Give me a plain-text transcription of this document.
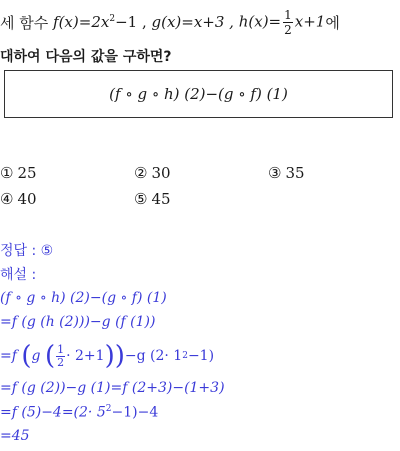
세 함수
$f(x)=2x^2-1$ ,
g(x)=x+3 ,
$h(x)= \frac{1}{2} x+1$ 에
대하여 다음의 값을 구하면?
(f ∘ g ∘ h) (2)−(g ∘ f) (1)
① 25	② 30	③ 35
④ 40	⑤ 45
정답 : ⑤
해설 :
(f ∘ g ∘ h) (2)−(g ∘ f) (1)
=f (g (h (2)))−g (f (1))
=f
( g
( $\frac{1}{2} \cdot 2+1$ ) ) −g (2· 1 2 −1)
=f (g (2))−g (1)=f (2+3)−(1+3)
=f $(5)-4=(2\cdot 5^2-1)-4$
=45
